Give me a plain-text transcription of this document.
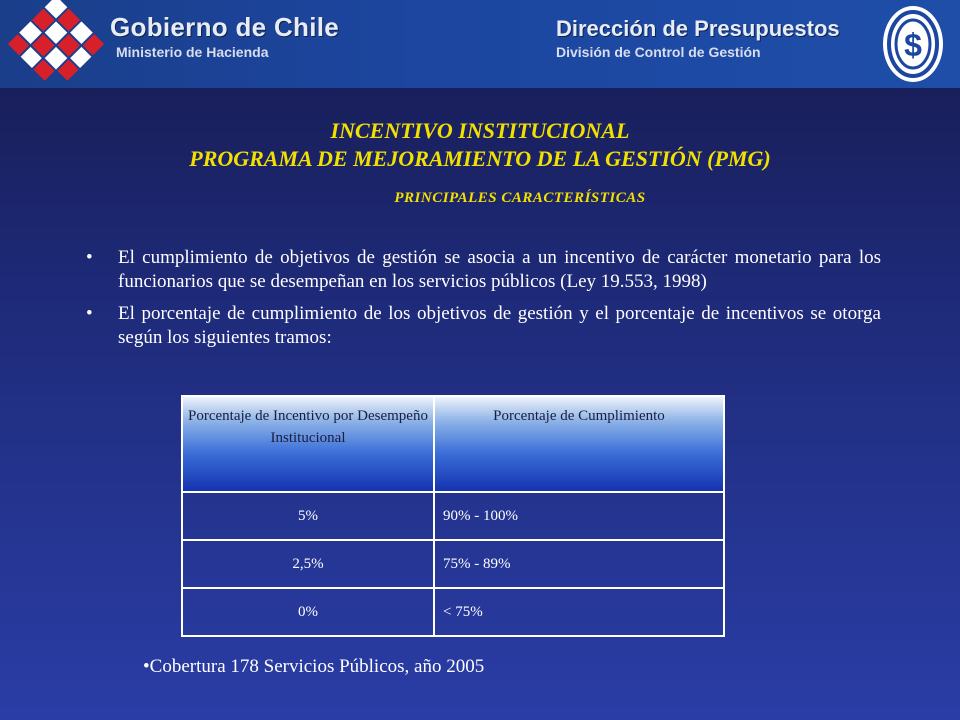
Gobierno de Chile
Ministerio de Hacienda
Dirección de Presupuestos
División de Control de Gestión	$
INCENTIVO INSTITUCIONAL
PROGRAMA DE MEJORAMIENTO DE LA GESTIÓN (PMG)
PRINCIPALES CARACTERÍSTICAS
• El cumplimiento de objetivos de gestión se asocia a un incentivo de carácter monetario para los funcionarios que se desempeñan en los servicios públicos (Ley 19.553, 1998)
• El porcentaje de cumplimiento de los objetivos de gestión y el porcentaje de incentivos se otorga según los siguientes tramos:
Porcentaje de Incentivo por Desempeño Institucional	Porcentaje de Cumplimiento
5%	90% - 100%
2,5%	75% - 89%
0%	< 75%
•Cobertura 178 Servicios Públicos, año 2005
